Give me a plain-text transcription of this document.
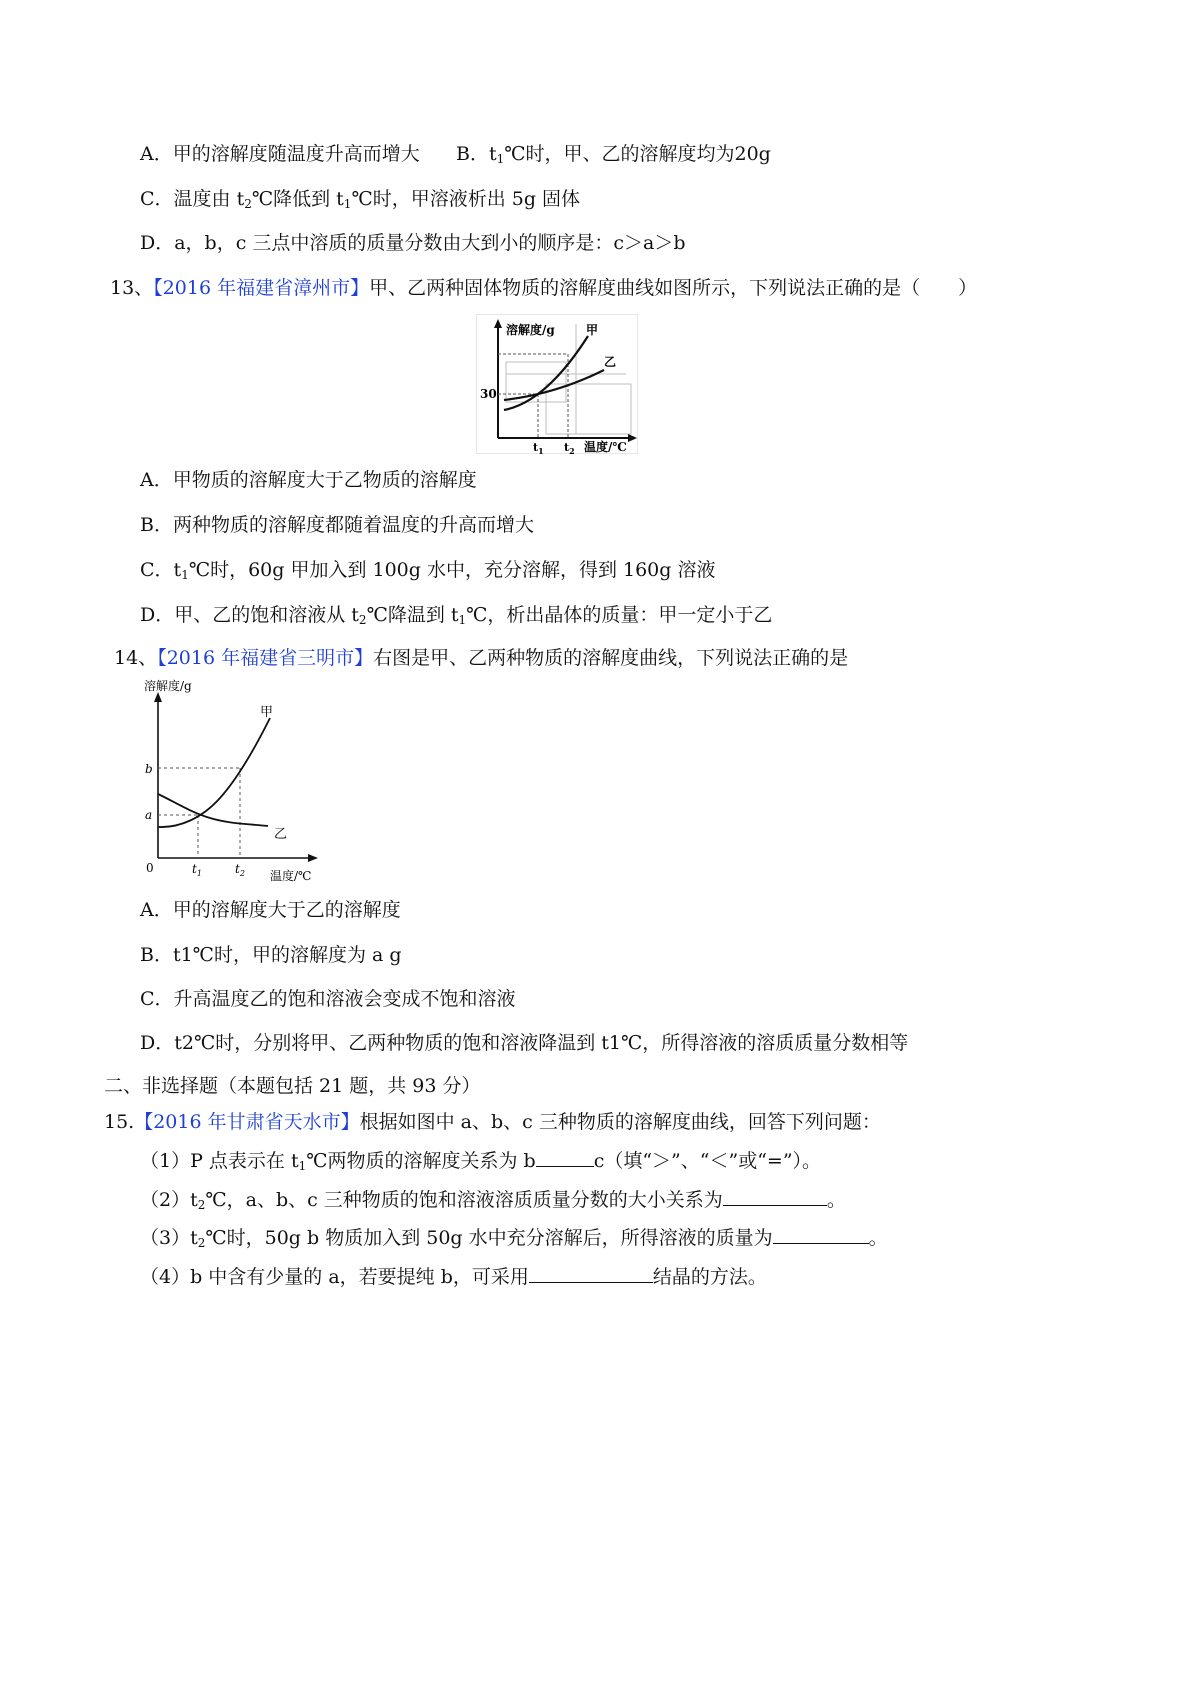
A．甲的溶解度随温度升高而增大 B．$t_1℃$时，甲、乙的溶解度均为20g
C．温度由 $t_2℃$降低到 $t_1℃$时，甲溶液析出 5g 固体
D．a，b，c 三点中溶质的质量分数由大到小的顺序是：c＞a＞b
13、【2016 年福建省漳州市】甲、乙两种固体物质的溶解度曲线如图所示，下列说法正确的是（　　）
溶解度/g	甲
乙
30
$t_1$ $t_2$ 温度/℃
A．甲物质的溶解度大于乙物质的溶解度
B．两种物质的溶解度都随着温度的升高而增大
C．$t_1℃$时，60g 甲加入到 100g 水中，充分溶解，得到 160g 溶液
D．甲、乙的饱和溶液从 $t_2℃$降温到 $t_1℃$，析出晶体的质量：甲一定小于乙
14、【2016 年福建省三明市】右图是甲、乙两种物质的溶解度曲线，下列说法正确的是
溶解度/g
甲
乙
b
a
0	$t_1$	$t_2$ 温度/℃
A．甲的溶解度大于乙的溶解度
B．t1℃时，甲的溶解度为 a g
C．升高温度乙的饱和溶液会变成不饱和溶液
D．t2℃时，分别将甲、乙两种物质的饱和溶液降温到 t1℃，所得溶液的溶质质量分数相等
二、非选择题（本题包括 21 题，共 93 分）
15.【2016 年甘肃省天水市】根据如图中 a、b、c 三种物质的溶解度曲线，回答下列问题：
（1）P 点表示在 $t_1℃$两物质的溶解度关系为 b	c（填“＞”、“＜”或“=”）。
$(2)t_2℃$，a、b、c 三种物质的饱和溶液溶质质量分数的大小关系为	。
$(3)t_2℃$时，50g b 物质加入到 50g 水中充分溶解后，所得溶液的质量为	。
（4）b 中含有少量的 a，若要提纯 b，可采用	结晶的方法。
